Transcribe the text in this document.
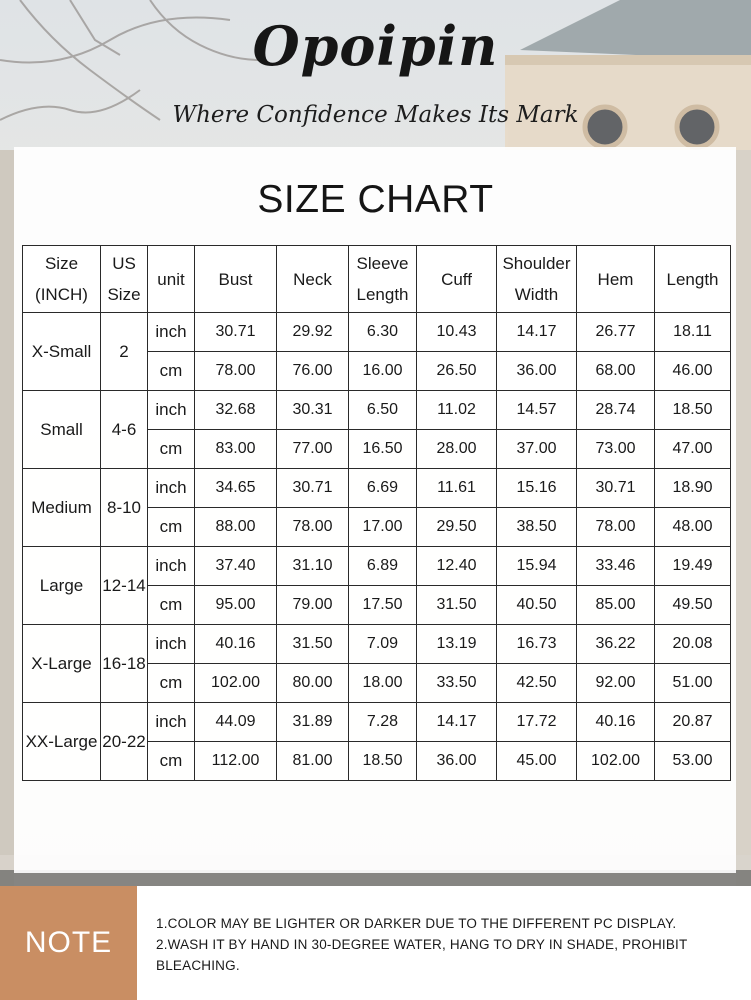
Opoipin
Where Confidence Makes Its Mark
SIZE CHART
Size (INCH)	US Size	unit	Bust	Neck	Sleeve Length	Cuff	Shoulder Width	Hem	Length
X-Small	2	inch	30.71	29.92	6.30	10.43	14.17	26.77	18.11
		cm	78.00	76.00	16.00	26.50	36.00	68.00	46.00
Small	4-6	inch	32.68	30.31	6.50	11.02	14.57	28.74	18.50
		cm	83.00	77.00	16.50	28.00	37.00	73.00	47.00
Medium	8-10	inch	34.65	30.71	6.69	11.61	15.16	30.71	18.90
		cm	88.00	78.00	17.00	29.50	38.50	78.00	48.00
Large	12-14	inch	37.40	31.10	6.89	12.40	15.94	33.46	19.49
		cm	95.00	79.00	17.50	31.50	40.50	85.00	49.50
X-Large	16-18	inch	40.16	31.50	7.09	13.19	16.73	36.22	20.08
		cm	102.00	80.00	18.00	33.50	42.50	92.00	51.00
XX-Large	20-22	inch	44.09	31.89	7.28	14.17	17.72	40.16	20.87
		cm	112.00	81.00	18.50	36.00	45.00	102.00	53.00
NOTE
1.COLOR MAY BE LIGHTER OR DARKER DUE TO THE DIFFERENT PC DISPLAY.
2.WASH IT BY HAND IN 30-DEGREE WATER, HANG TO DRY IN SHADE, PROHIBIT BLEACHING.
